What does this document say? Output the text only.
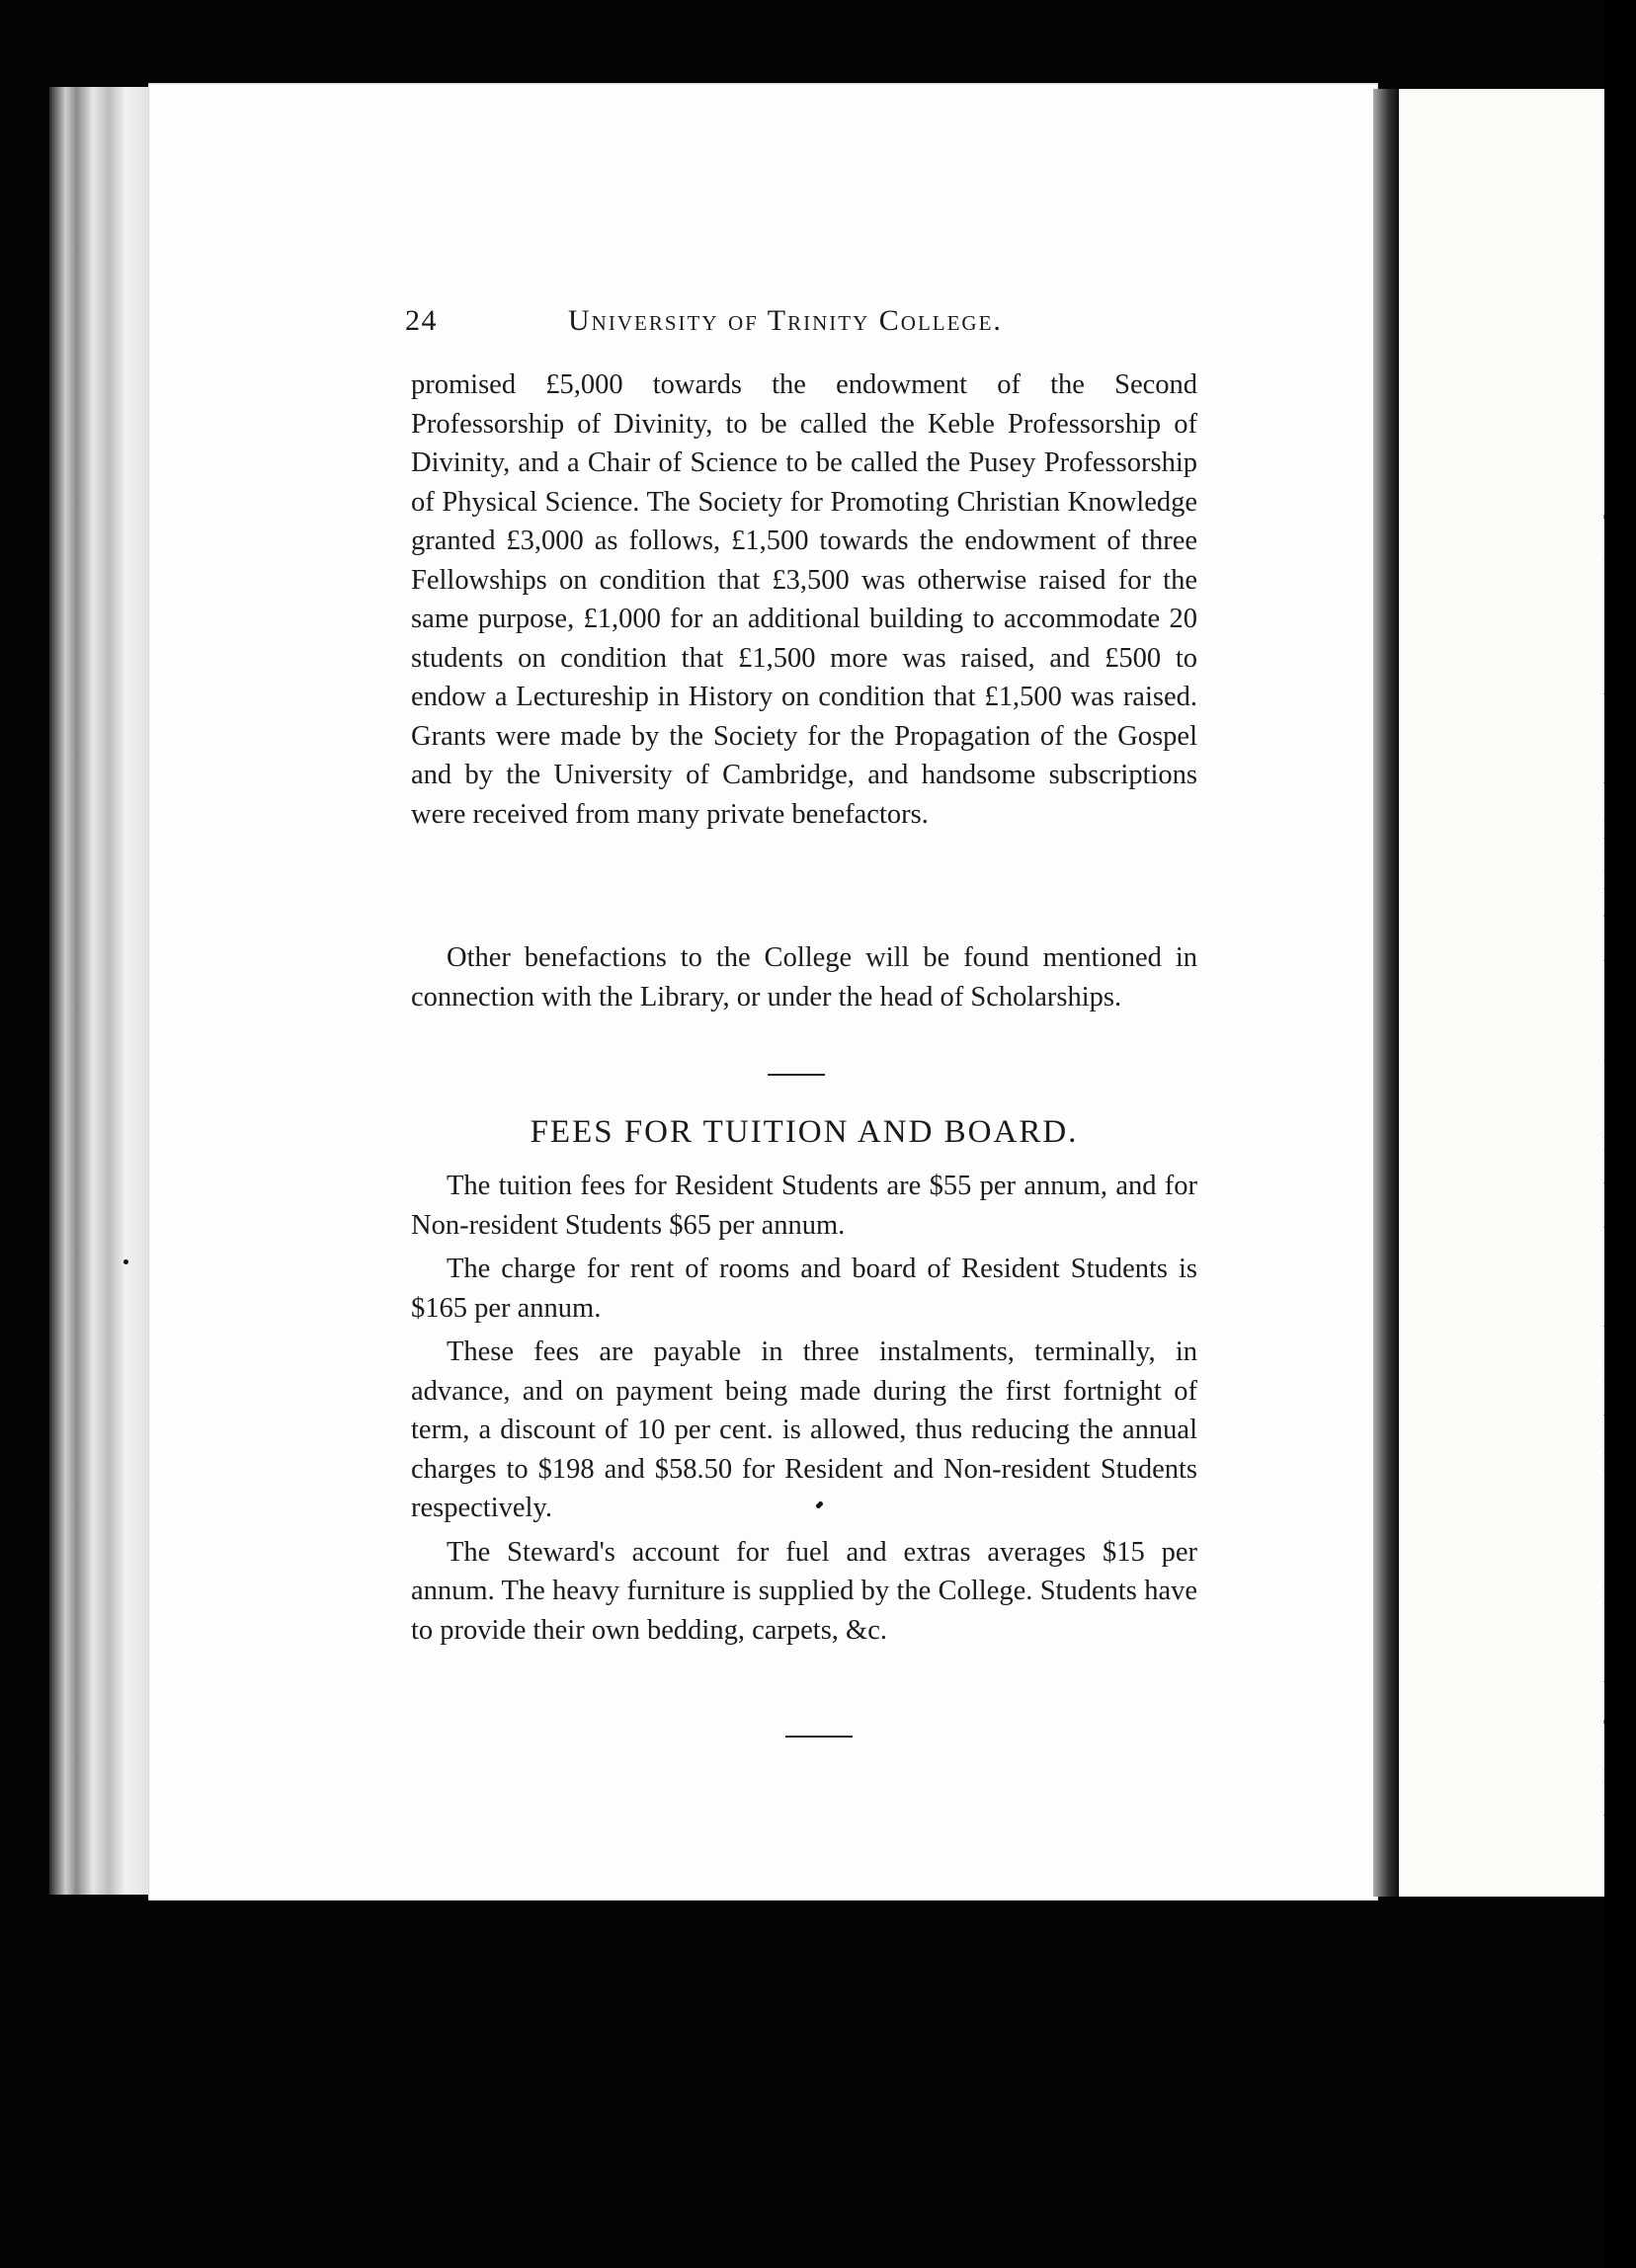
24	University of Trinity College.
promised £5,000 towards the endowment of the Second Professorship of Divinity, to be called the Keble Professorship of Divinity, and a Chair of Science to be called the Pusey Professorship of Physical Science. The Society for Promoting Christian Knowledge granted £3,000 as follows, £1,500 towards the endowment of three Fellowships on condition that £3,500 was otherwise raised for the same purpose, £1,000 for an additional building to accommodate 20 students on condition that £1,500 more was raised, and £500 to endow a Lectureship in History on condition that £1,500 was raised. Grants were made by the Society for the Propagation of the Gospel and by the University of Cambridge, and handsome subscriptions were received from many private benefactors.
Other benefactions to the College will be found mentioned in connection with the Library, or under the head of Scholarships.
FEES FOR TUITION AND BOARD.

The tuition fees for Resident Students are $55 per annum, and for Non-resident Students $65 per annum.

The charge for rent of rooms and board of Resident Students is $165 per annum.

These fees are payable in three instalments, terminally, in advance, and on payment being made during the first fortnight of term, a discount of 10 per cent. is allowed, thus reducing the annual charges to $198 and $58.50 for Resident and Non-resident Students respectively.

The Steward's account for fuel and extras averages $15 per annum. The heavy furniture is supplied by the College. Students have to provide their own bedding, carpets, &c.
